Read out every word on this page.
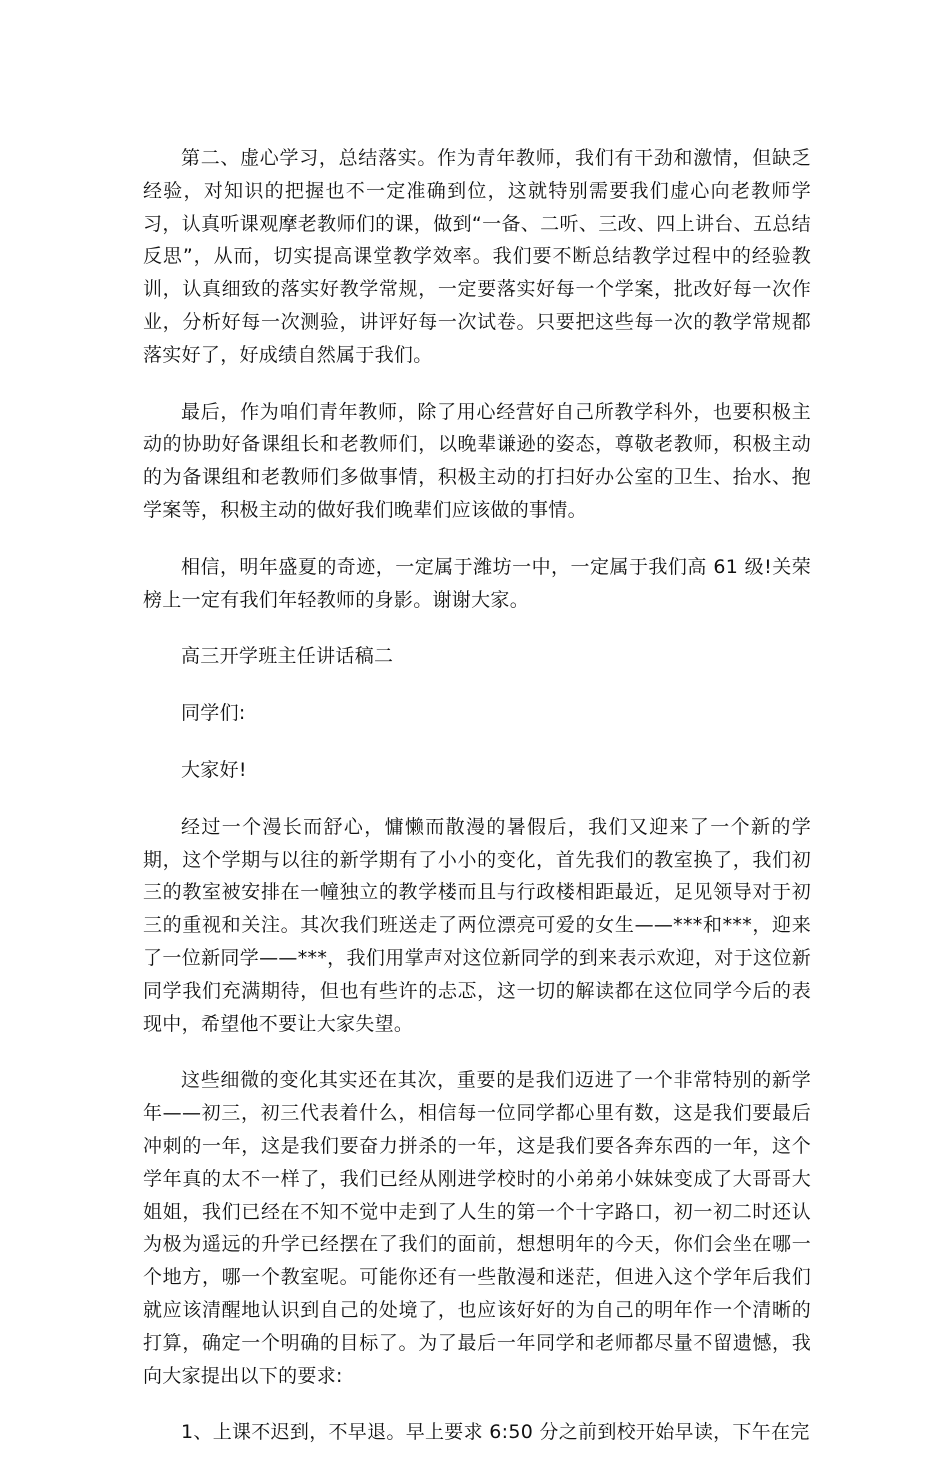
第二、虚心学习，总结落实。作为青年教师，我们有干劲和激情，但缺乏经验，对知识的把握也不一定准确到位，这就特别需要我们虚心向老教师学习，认真听课观摩老教师们的课，做到“一备、二听、三改、四上讲台、五总结反思”，从而，切实提高课堂教学效率。我们要不断总结教学过程中的经验教训，认真细致的落实好教学常规，一定要落实好每一个学案，批改好每一次作业，分析好每一次测验，讲评好每一次试卷。只要把这些每一次的教学常规都落实好了，好成绩自然属于我们。

最后，作为咱们青年教师，除了用心经营好自己所教学科外，也要积极主动的协助好备课组长和老教师们，以晚辈谦逊的姿态，尊敬老教师，积极主动的为备课组和老教师们多做事情，积极主动的打扫好办公室的卫生、抬水、抱学案等，积极主动的做好我们晚辈们应该做的事情。

相信，明年盛夏的奇迹，一定属于潍坊一中，一定属于我们高 61 级!关荣榜上一定有我们年轻教师的身影。谢谢大家。

高三开学班主任讲话稿二

同学们:

大家好!

经过一个漫长而舒心，慵懒而散漫的暑假后，我们又迎来了一个新的学期，这个学期与以往的新学期有了小小的变化，首先我们的教室换了，我们初三的教室被安排在一幢独立的教学楼而且与行政楼相距最近，足见领导对于初三的重视和关注。其次我们班送走了两位漂亮可爱的女生——***和***，迎来了一位新同学——***，我们用掌声对这位新同学的到来表示欢迎，对于这位新同学我们充满期待，但也有些许的忐忑，这一切的解读都在这位同学今后的表现中，希望他不要让大家失望。

这些细微的变化其实还在其次，重要的是我们迈进了一个非常特别的新学年——初三，初三代表着什么，相信每一位同学都心里有数，这是我们要最后冲刺的一年，这是我们要奋力拼杀的一年，这是我们要各奔东西的一年，这个学年真的太不一样了，我们已经从刚进学校时的小弟弟小妹妹变成了大哥哥大姐姐，我们已经在不知不觉中走到了人生的第一个十字路口，初一初二时还认为极为遥远的升学已经摆在了我们的面前，想想明年的今天，你们会坐在哪一个地方，哪一个教室呢。可能你还有一些散漫和迷茫，但进入这个学年后我们就应该清醒地认识到自己的处境了，也应该好好的为自己的明年作一个清晰的打算，确定一个明确的目标了。为了最后一年同学和老师都尽量不留遗憾，我向大家提出以下的要求:

1、上课不迟到，不早退。早上要求 6:50 分之前到校开始早读，下午在完
